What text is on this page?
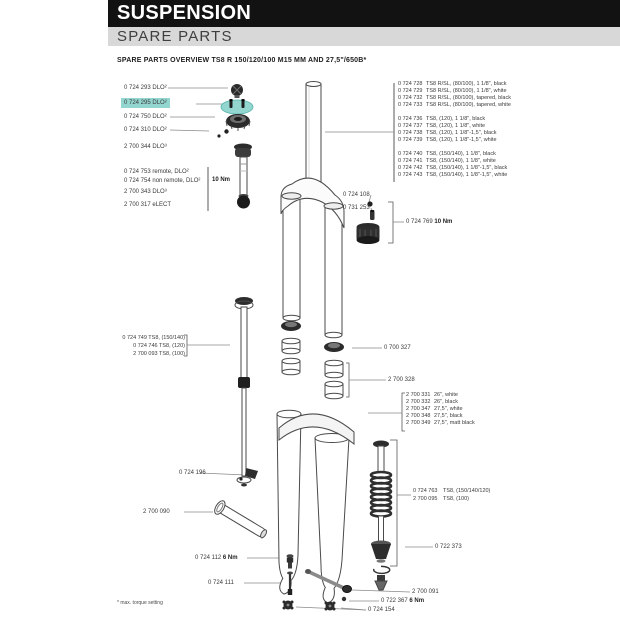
SUSPENSION
SPARE PARTS
SPARE PARTS OVERVIEW TS8 R 150/120/100 M15 MM AND 27,5"/650B*
0 724 293 DLO²
0 724 295 DLO²
0 724 750 DLO²
0 724 310 DLO²
2 700 344 DLO³
0 724 753 remote, DLO²
0 724 754 non remote, DLO²
2 700 343 DLO³
2 700 317 eLECT
10 Nm
0 724 728 TS8 R/SL, (80/100), 1 1/8", black
0 724 729 TS8 R/SL, (80/100), 1 1/8", white
0 724 732 TS8 R/SL, (80/100), tapered, black
0 724 733 TS8 R/SL, (80/100), tapered, white
0 724 736 TS8, (120), 1 1/8", black
0 724 737 TS8, (120), 1 1/8", white
0 724 738 TS8, (120), 1 1/8"-1,5", black
0 724 739 TS8, (120), 1 1/8"-1,5", white
0 724 740 TS8, (150/140), 1 1/8", black
0 724 741 TS8, (150/140), 1 1/8", white
0 724 742 TS8, (150/140), 1 1/8"-1,5", black
0 724 743 TS8, (150/140), 1 1/8"-1,5", white
0 724 108
0 731 253
0 724 769 10 Nm
0 724 749 TS8, (150/140)
0 724 746 TS8, (120)
2 700 093 TS8, (100)
0 700 327
2 700 328
2 700 331 26", white
2 700 332 26", black
2 700 347 27,5", white
2 700 348 27,5", black
2 700 349 27,5", matt black
0 724 196
2 700 090
0 724 112 6 Nm
0 724 111
0 724 763	TS8, (150/140/120)
2 700 095	TS8, (100)
0 722 373
2 700 091
0 722 367 6 Nm
0 724 154
* max. torque setting
